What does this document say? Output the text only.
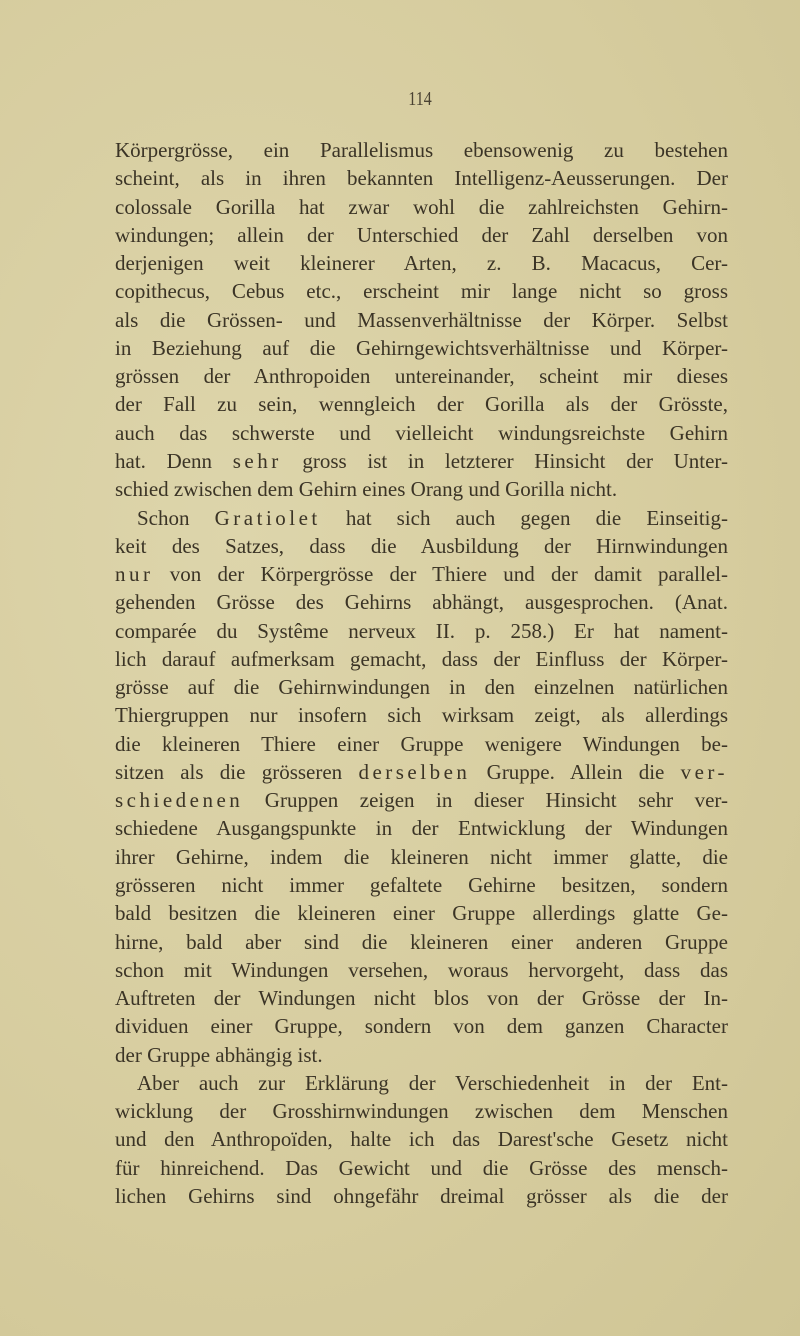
114
Körpergrösse, ein Parallelismus ebensowenig zu bestehen
scheint, als in ihren bekannten Intelligenz-Aeusserungen. Der
colossale Gorilla hat zwar wohl die zahlreichsten Gehirn-
windungen; allein der Unterschied der Zahl derselben von
derjenigen weit kleinerer Arten, z. B. Macacus, Cer-
copithecus, Cebus etc., erscheint mir lange nicht so gross
als die Grössen- und Massenverhältnisse der Körper. Selbst
in Beziehung auf die Gehirngewichtsverhältnisse und Körper-
grössen der Anthropoiden untereinander, scheint mir dieses
der Fall zu sein, wenngleich der Gorilla als der Grösste,
auch das schwerste und vielleicht windungsreichste Gehirn
hat. Denn sehr gross ist in letzterer Hinsicht der Unter-
schied zwischen dem Gehirn eines Orang und Gorilla nicht.
Schon Gratiolet hat sich auch gegen die Einseitig-
keit des Satzes, dass die Ausbildung der Hirnwindungen
nur von der Körpergrösse der Thiere und der damit parallel-
gehenden Grösse des Gehirns abhängt, ausgesprochen. (Anat.
comparée du Systême nerveux II. p. 258.) Er hat nament-
lich darauf aufmerksam gemacht, dass der Einfluss der Körper-
grösse auf die Gehirnwindungen in den einzelnen natürlichen
Thiergruppen nur insofern sich wirksam zeigt, als allerdings
die kleineren Thiere einer Gruppe wenigere Windungen be-
sitzen als die grösseren derselben Gruppe. Allein die ver-
schiedenen Gruppen zeigen in dieser Hinsicht sehr ver-
schiedene Ausgangspunkte in der Entwicklung der Windungen
ihrer Gehirne, indem die kleineren nicht immer glatte, die
grösseren nicht immer gefaltete Gehirne besitzen, sondern
bald besitzen die kleineren einer Gruppe allerdings glatte Ge-
hirne, bald aber sind die kleineren einer anderen Gruppe
schon mit Windungen versehen, woraus hervorgeht, dass das
Auftreten der Windungen nicht blos von der Grösse der In-
dividuen einer Gruppe, sondern von dem ganzen Character
der Gruppe abhängig ist.
Aber auch zur Erklärung der Verschiedenheit in der Ent-
wicklung der Grosshirnwindungen zwischen dem Menschen
und den Anthropoïden, halte ich das Darest'sche Gesetz nicht
für hinreichend. Das Gewicht und die Grösse des mensch-
lichen Gehirns sind ohngefähr dreimal grösser als die der
